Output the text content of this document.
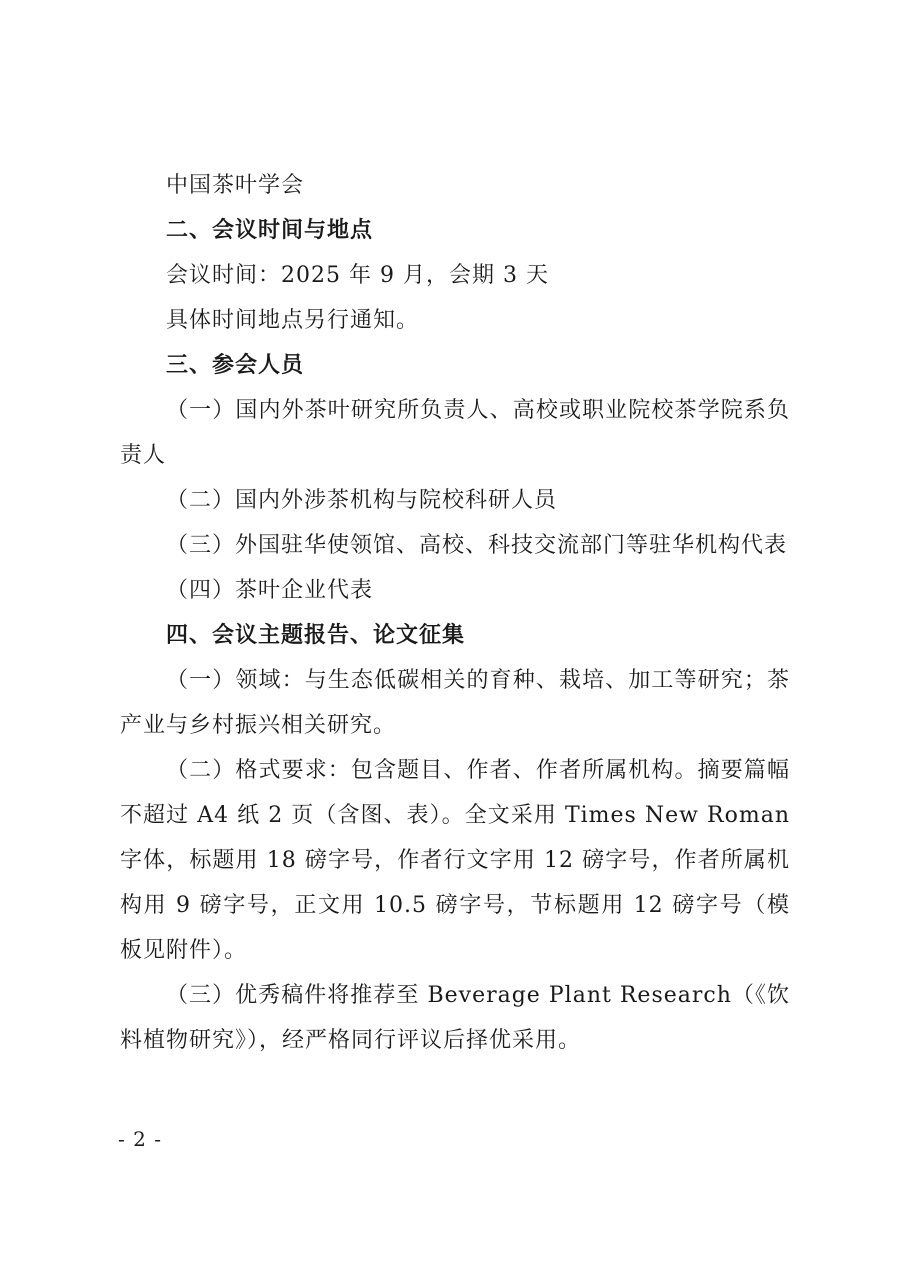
中国茶叶学会
二、会议时间与地点
会议时间：2025 年 9 月，会期 3 天
具体时间地点另行通知。
三、参会人员

（一）国内外茶叶研究所负责人、高校或职业院校茶学院系负责人

（二）国内外涉茶机构与院校科研人员

（三）外国驻华使领馆、高校、科技交流部门等驻华机构代表

（四）茶叶企业代表

四、会议主题报告、论文征集

（一）领域：与生态低碳相关的育种、栽培、加工等研究；茶产业与乡村振兴相关研究。

（二）格式要求：包含题目、作者、作者所属机构。摘要篇幅不超过 A4 纸 2 页（含图、表）。全文采用 Times New Roman 字体，标题用 18 磅字号，作者行文字用 12 磅字号，作者所属机构用 9 磅字号，正文用 10.5 磅字号，节标题用 12 磅字号（模板见附件）。

（三）优秀稿件将推荐至 Beverage Plant Research（《饮料植物研究》），经严格同行评议后择优采用。

- 2 -
